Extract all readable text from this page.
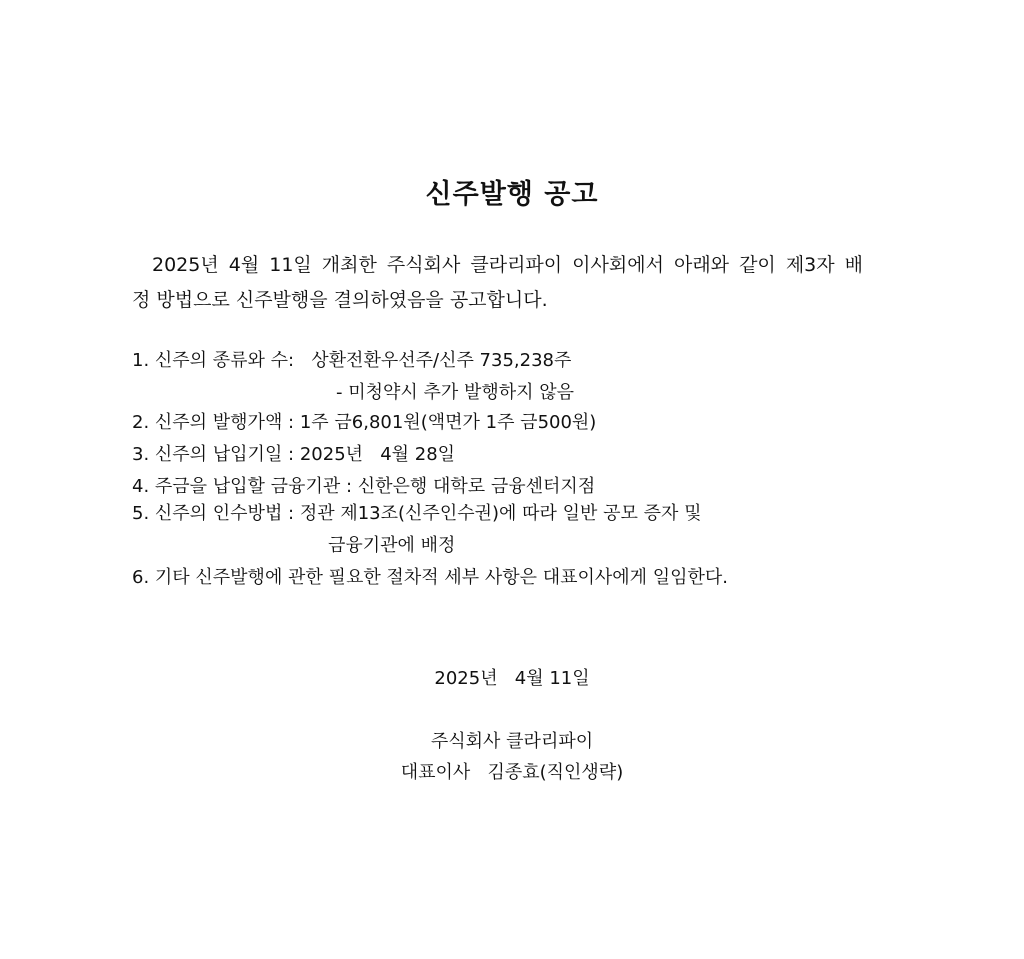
신주발행 공고
2025년 4월 11일 개최한 주식회사 클라리파이 이사회에서 아래와 같이 제3자 배
정 방법으로 신주발행을 결의하였음을 공고합니다.
1. 신주의 종류와 수:   상환전환우선주/신주 735,238주
- 미청약시 추가 발행하지 않음
2. 신주의 발행가액 : 1주 금6,801원(액면가 1주 금500원)
3. 신주의 납입기일 : 2025년   4월 28일
4. 주금을 납입할 금융기관 : 신한은행 대학로 금융센터지점
5. 신주의 인수방법 : 정관 제13조(신주인수권)에 따라 일반 공모 증자 및
금융기관에 배정
6. 기타 신주발행에 관한 필요한 절차적 세부 사항은 대표이사에게 일임한다.
2025년   4월 11일
주식회사 클라리파이
대표이사   김종효(직인생략)
